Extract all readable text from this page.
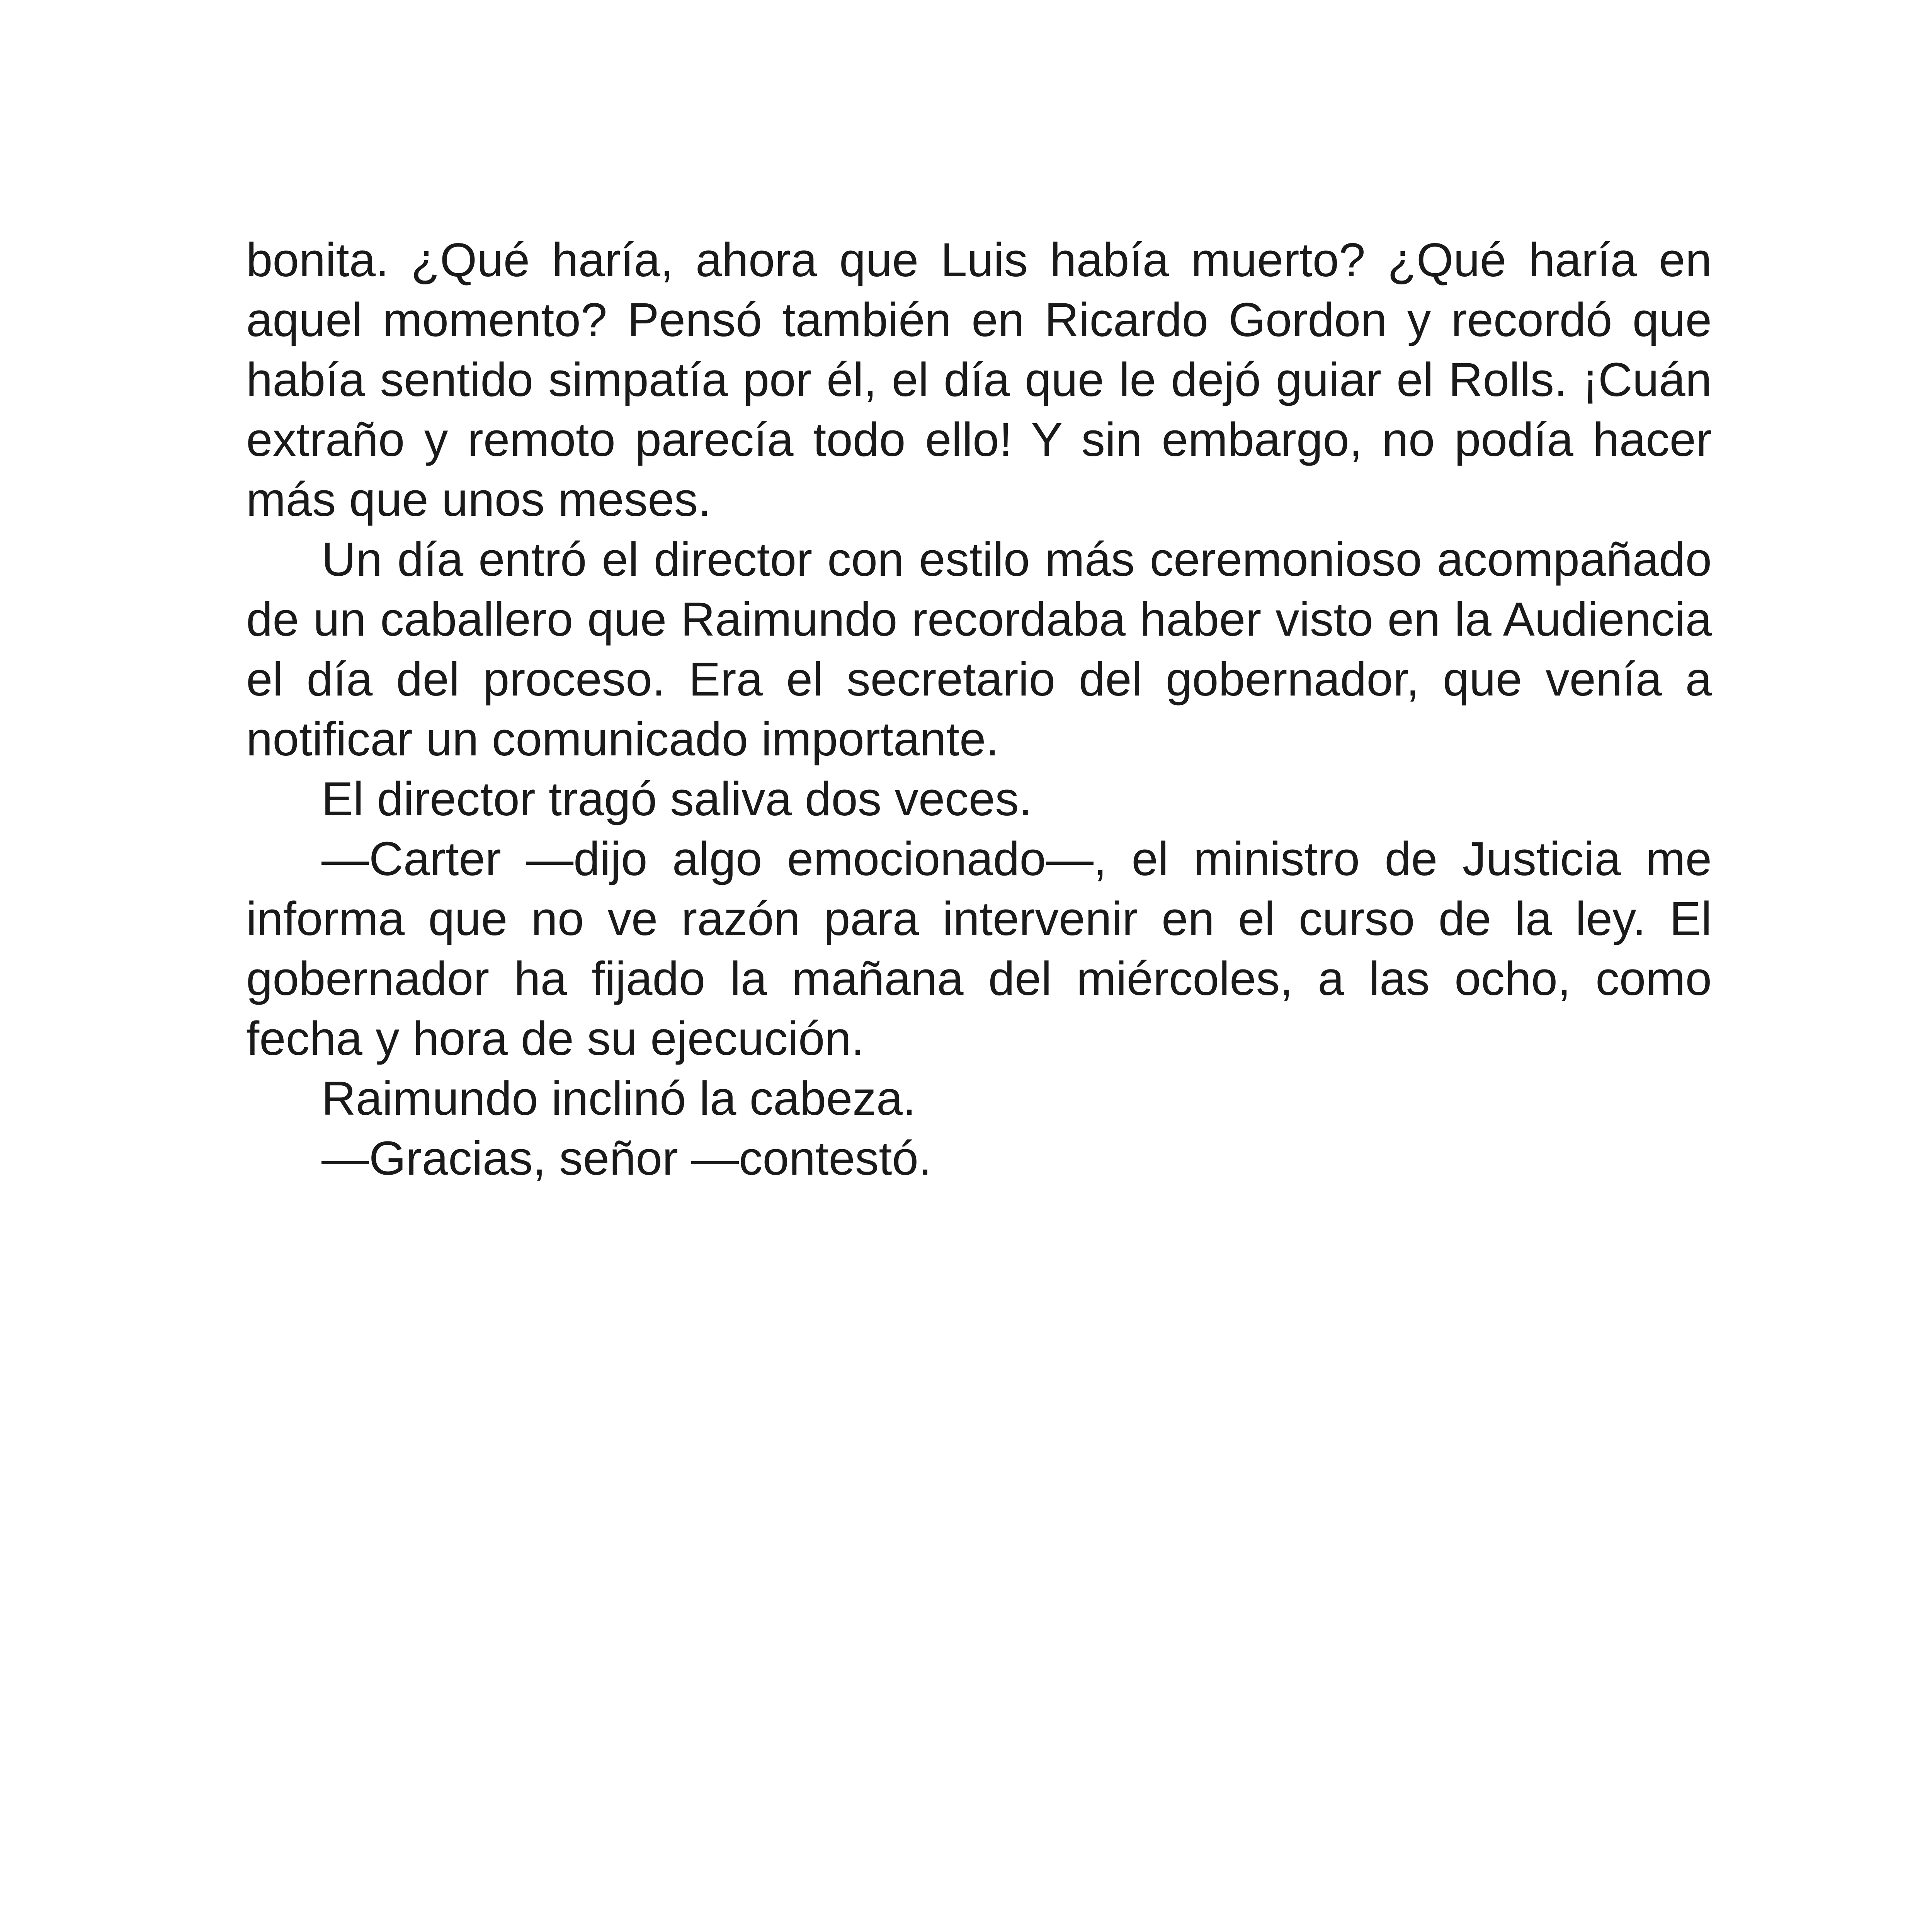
bonita. ¿Qué haría, ahora que Luis había muerto? ¿Qué haría en aquel momento? Pensó también en Ricardo Gordon y recordó que había sentido simpatía por él, el día que le dejó guiar el Rolls. ¡Cuán extraño y remoto parecía todo ello! Y sin embargo, no podía hacer más que unos meses.

Un día entró el director con estilo más ceremonioso acompañado de un caballero que Raimundo recordaba haber visto en la Audiencia el día del proceso. Era el secretario del gobernador, que venía a notificar un comunicado importante.

El director tragó saliva dos veces.

—Carter —dijo algo emocionado—, el ministro de Justicia me informa que no ve razón para intervenir en el curso de la ley. El gobernador ha fijado la mañana del miércoles, a las ocho, como fecha y hora de su ejecución.

Raimundo inclinó la cabeza.

—Gracias, señor —contestó.
